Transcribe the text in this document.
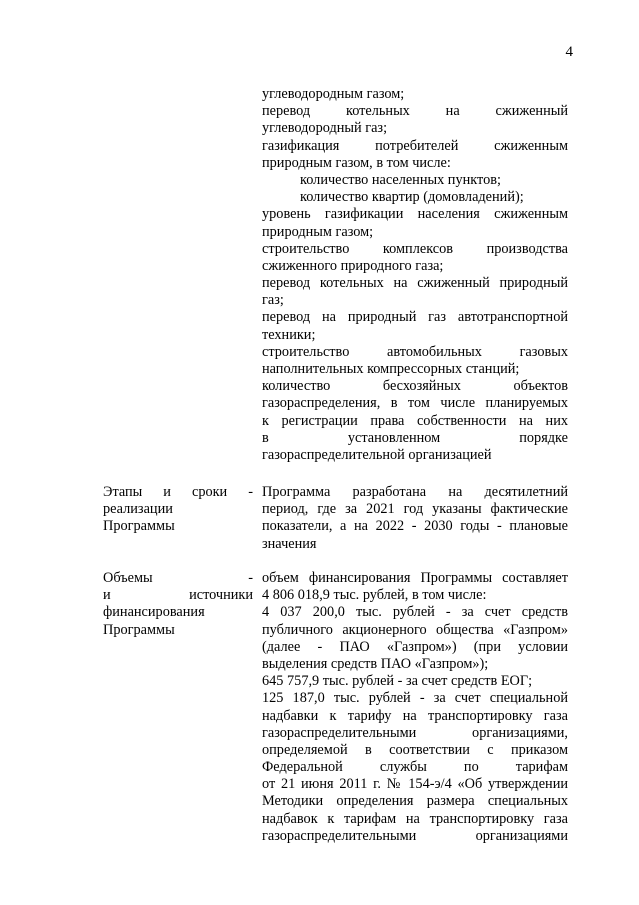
4
углеводородным газом;
перевод котельных на сжиженный
углеводородный газ;
газификация потребителей сжиженным
природным газом, в том числе:
количество населенных пунктов;
количество квартир (домовладений);
уровень газификации населения сжиженным
природным газом;
строительство комплексов производства
сжиженного природного газа;
перевод котельных на сжиженный природный
газ;
перевод на природный газ автотранспортной
техники;
строительство автомобильных газовых
наполнительных компрессорных станций;
количество бесхозяйных объектов
газораспределения, в том числе планируемых
к регистрации права собственности на них
в установленном порядке
газораспределительной организацией
Этапы и сроки -
реализации
Программы
Программа разработана на десятилетний
период, где за 2021 год указаны фактические
показатели, а на 2022 - 2030 годы - плановые
значения
Объемы -
и источники
финансирования
Программы
объем финансирования Программы составляет
4 806 018,9 тыс. рублей, в том числе:
4 037 200,0 тыс. рублей - за счет средств
публичного акционерного общества «Газпром»
(далее - ПАО «Газпром») (при условии
выделения средств ПАО «Газпром»);
645 757,9 тыс. рублей - за счет средств ЕОГ;
125 187,0 тыс. рублей - за счет специальной
надбавки к тарифу на транспортировку газа
газораспределительными организациями,
определяемой в соответствии с приказом
Федеральной службы по тарифам
от 21 июня 2011 г. № 154-э/4 «Об утверждении
Методики определения размера специальных
надбавок к тарифам на транспортировку газа
газораспределительными организациями
